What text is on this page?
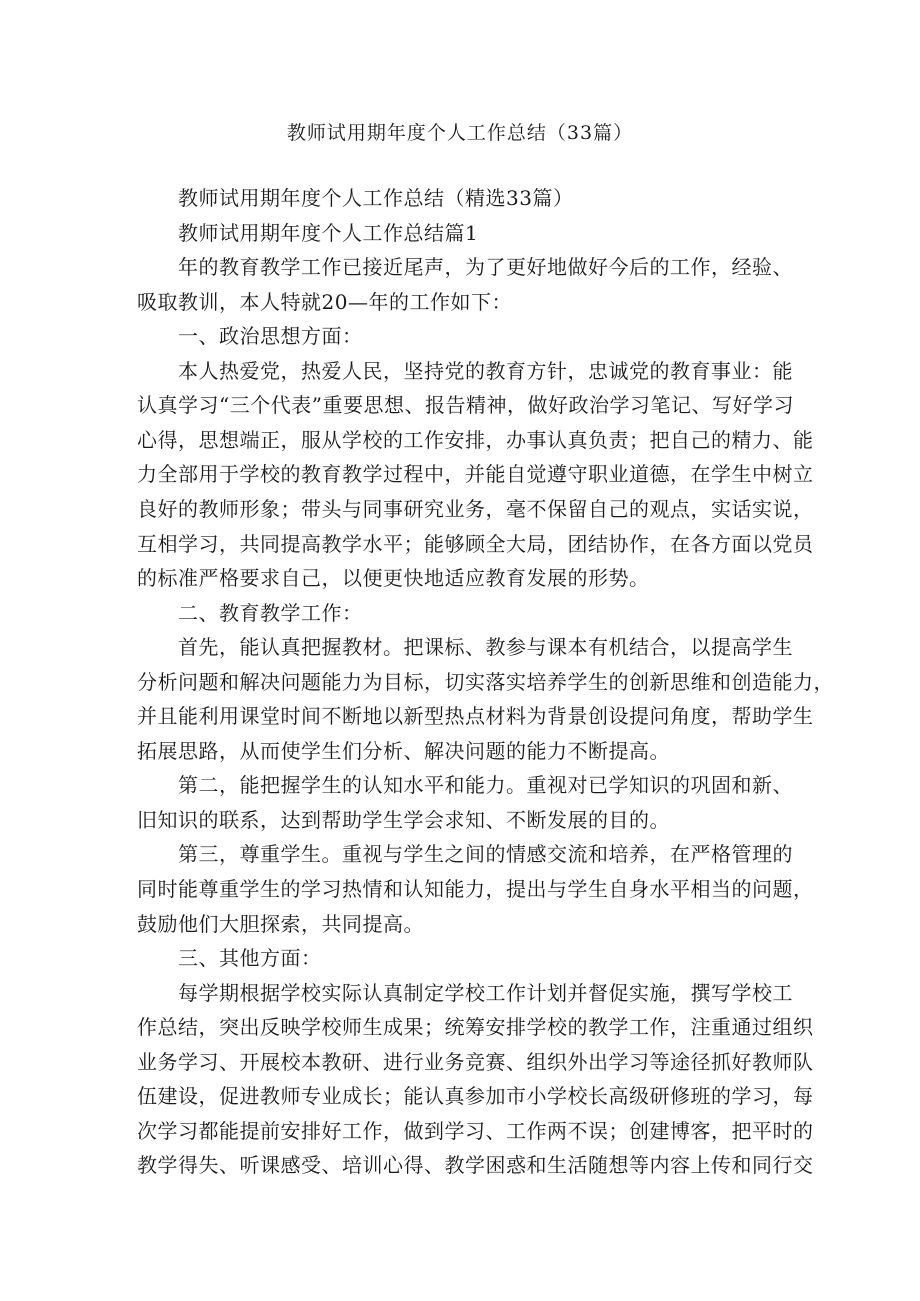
教师试用期年度个人工作总结（33篇）
教师试用期年度个人工作总结（精选33篇）
教师试用期年度个人工作总结篇1
年的教育教学工作已接近尾声，为了更好地做好今后的工作，经验、
吸取教训，本人特就20—年的工作如下：
一、政治思想方面：
本人热爱党，热爱人民，坚持党的教育方针，忠诚党的教育事业：能
认真学习“三个代表”重要思想、报告精神，做好政治学习笔记、写好学习
心得，思想端正，服从学校的工作安排，办事认真负责；把自己的精力、能
力全部用于学校的教育教学过程中，并能自觉遵守职业道德，在学生中树立
良好的教师形象；带头与同事研究业务，毫不保留自己的观点，实话实说，
互相学习，共同提高教学水平；能够顾全大局，团结协作，在各方面以党员
的标准严格要求自己，以便更快地适应教育发展的形势。
二、教育教学工作：
首先，能认真把握教材。把课标、教参与课本有机结合，以提高学生
分析问题和解决问题能力为目标，切实落实培养学生的创新思维和创造能力，
并且能利用课堂时间不断地以新型热点材料为背景创设提问角度，帮助学生
拓展思路，从而使学生们分析、解决问题的能力不断提高。
第二，能把握学生的认知水平和能力。重视对已学知识的巩固和新、
旧知识的联系，达到帮助学生学会求知、不断发展的目的。
第三，尊重学生。重视与学生之间的情感交流和培养，在严格管理的
同时能尊重学生的学习热情和认知能力，提出与学生自身水平相当的问题，
鼓励他们大胆探索，共同提高。
三、其他方面：
每学期根据学校实际认真制定学校工作计划并督促实施，撰写学校工
作总结，突出反映学校师生成果；统筹安排学校的教学工作，注重通过组织
业务学习、开展校本教研、进行业务竞赛、组织外出学习等途径抓好教师队
伍建设，促进教师专业成长；能认真参加市小学校长高级研修班的学习，每
次学习都能提前安排好工作，做到学习、工作两不误；创建博客，把平时的
教学得失、听课感受、培训心得、教学困惑和生活随想等内容上传和同行交
